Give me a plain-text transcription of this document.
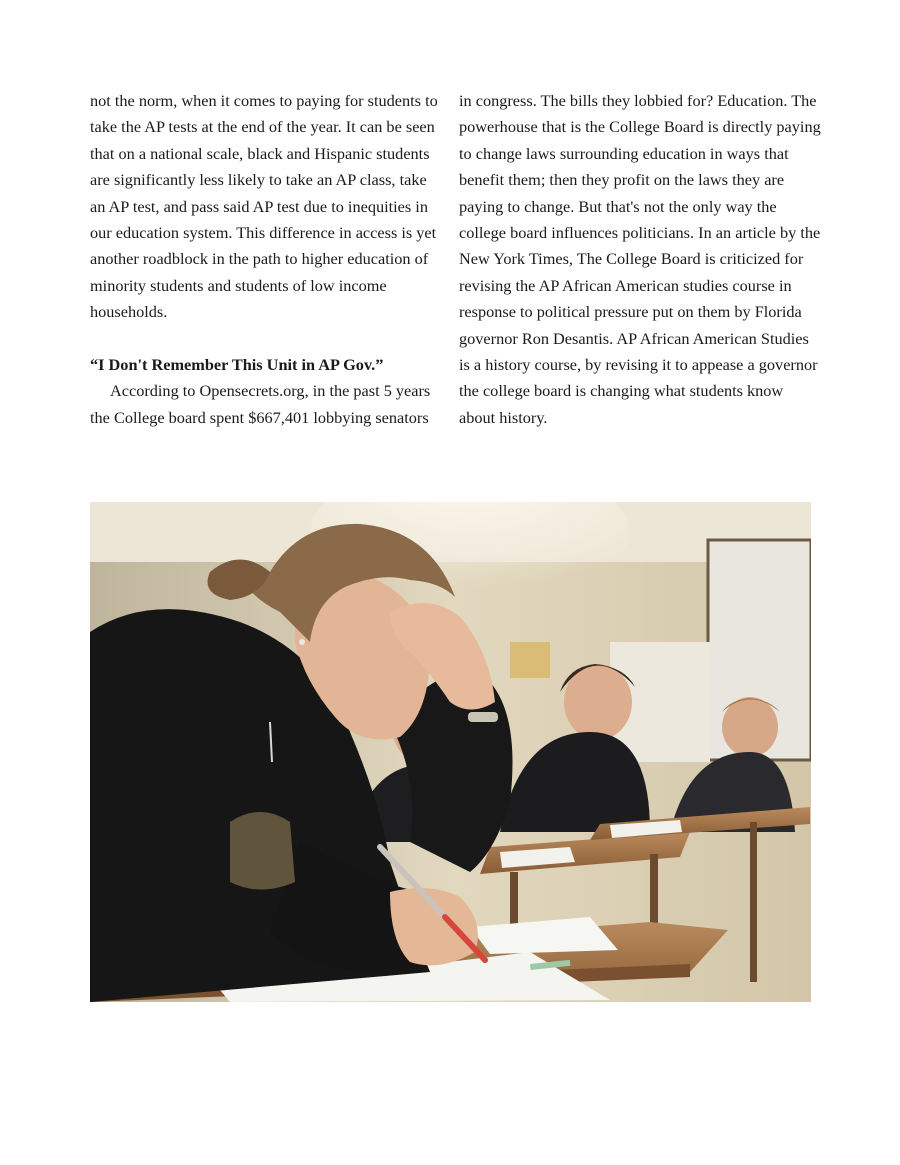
not the norm, when it comes to paying for students to take the AP tests at the end of the year. It can be seen that on a national scale, black and Hispanic students are significantly less likely to take an AP class, take an AP test, and pass said AP test due to inequities in our education system. This difference in access is yet another roadblock in the path to higher education of minority students and students of low income households.

“I Don't Remember This Unit in AP Gov.”

According to Opensecrets.org, in the past 5 years the College board spent $667,401 lobbying senators

in congress. The bills they lobbied for? Education. The powerhouse that is the College Board is directly paying to change laws surrounding education in ways that benefit them; then they profit on the laws they are paying to change. But that's not the only way the college board influences politicians. In an article by the New York Times, The College Board is criticized for revising the AP African American studies course in response to political pressure put on them by Florida governor Ron Desantis. AP African American Studies is a history course, by revising it to appease a governor the college board is changing what students know about history.
